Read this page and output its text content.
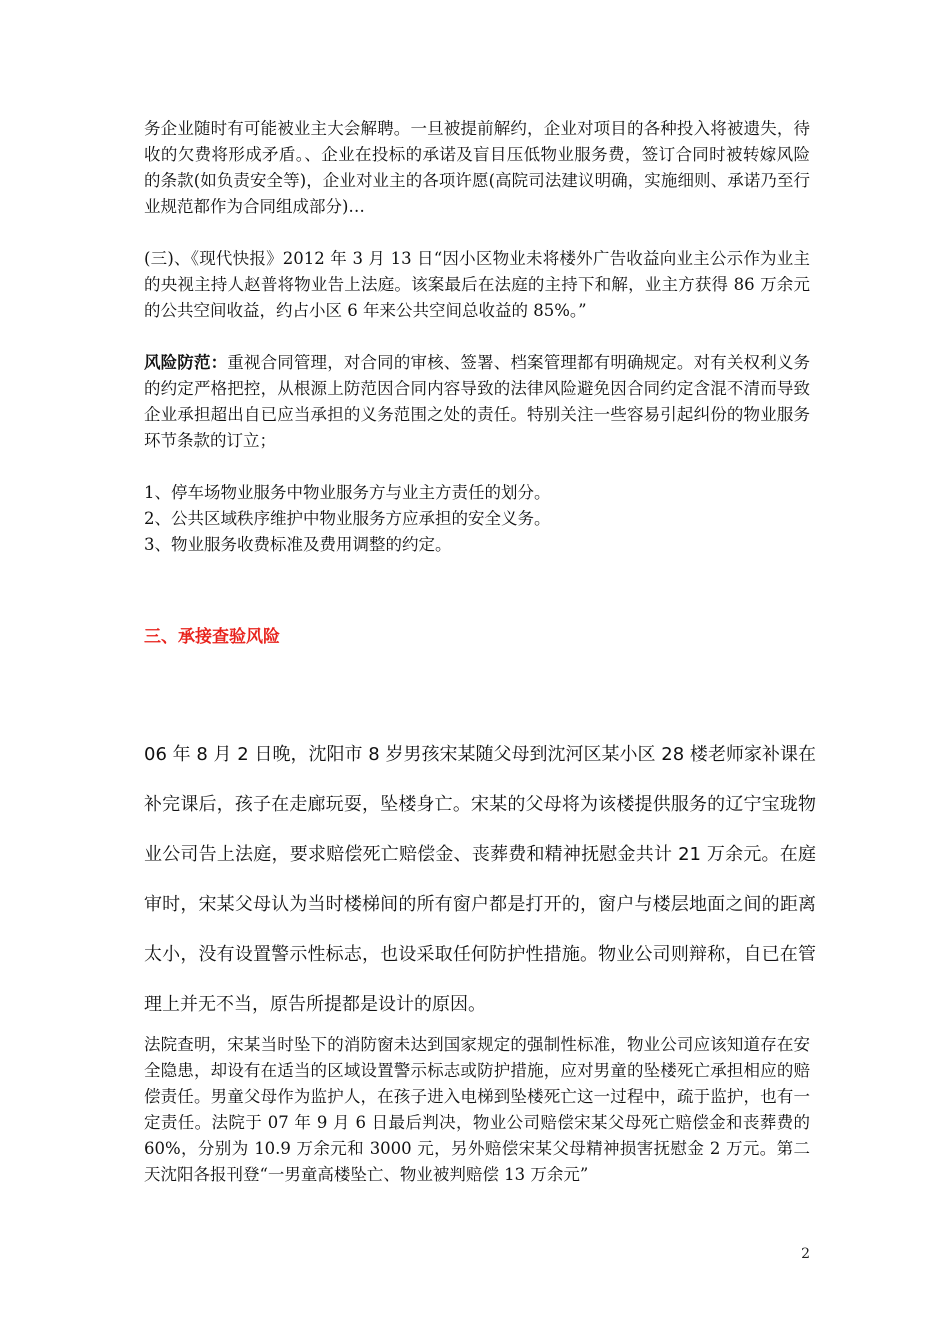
务企业随时有可能被业主大会解聘。一旦被提前解约，企业对项目的各种投入将被遗失，待收的欠费将形成矛盾。、企业在投标的承诺及盲目压低物业服务费，签订合同时被转嫁风险的条款(如负责安全等)，企业对业主的各项许愿(高院司法建议明确，实施细则、承诺乃至行业规范都作为合同组成部分)…

(三)、《现代快报》2012 年 3 月 13 日“因小区物业未将楼外广告收益向业主公示作为业主的央视主持人赵普将物业告上法庭。该案最后在法庭的主持下和解，业主方获得 86 万余元的公共空间收益，约占小区 6 年来公共空间总收益的 85%。”

风险防范：重视合同管理，对合同的审核、签署、档案管理都有明确规定。对有关权利义务的约定严格把控，从根源上防范因合同内容导致的法律风险避免因合同约定含混不清而导致企业承担超出自已应当承担的义务范围之处的责任。特别关注一些容易引起纠份的物业服务环节条款的订立；

1、停车场物业服务中物业服务方与业主方责任的划分。
2、公共区域秩序维护中物业服务方应承担的安全义务。
3、物业服务收费标准及费用调整的约定。
三、承接查验风险

06 年 8 月 2 日晚，沈阳市 8 岁男孩宋某随父母到沈河区某小区 28 楼老师家补课在补完课后，孩子在走廊玩耍，坠楼身亡。宋某的父母将为该楼提供服务的辽宁宝珑物业公司告上法庭，要求赔偿死亡赔偿金、丧葬费和精神抚慰金共计 21 万余元。在庭审时，宋某父母认为当时楼梯间的所有窗户都是打开的，窗户与楼层地面之间的距离太小，没有设置警示性标志，也设采取任何防护性措施。物业公司则辩称，自已在管理上并无不当，原告所提都是设计的原因。

法院查明，宋某当时坠下的消防窗未达到国家规定的强制性标准，物业公司应该知道存在安全隐患，却设有在适当的区域设置警示标志或防护措施，应对男童的坠楼死亡承担相应的赔偿责任。男童父母作为监护人，在孩子进入电梯到坠楼死亡这一过程中，疏于监护，也有一定责任。法院于 07 年 9 月 6 日最后判决，物业公司赔偿宋某父母死亡赔偿金和丧葬费的 60%，分别为 10.9 万余元和 3000 元，另外赔偿宋某父母精神损害抚慰金 2 万元。第二天沈阳各报刊登“一男童高楼坠亡、物业被判赔偿 13 万余元”

2
